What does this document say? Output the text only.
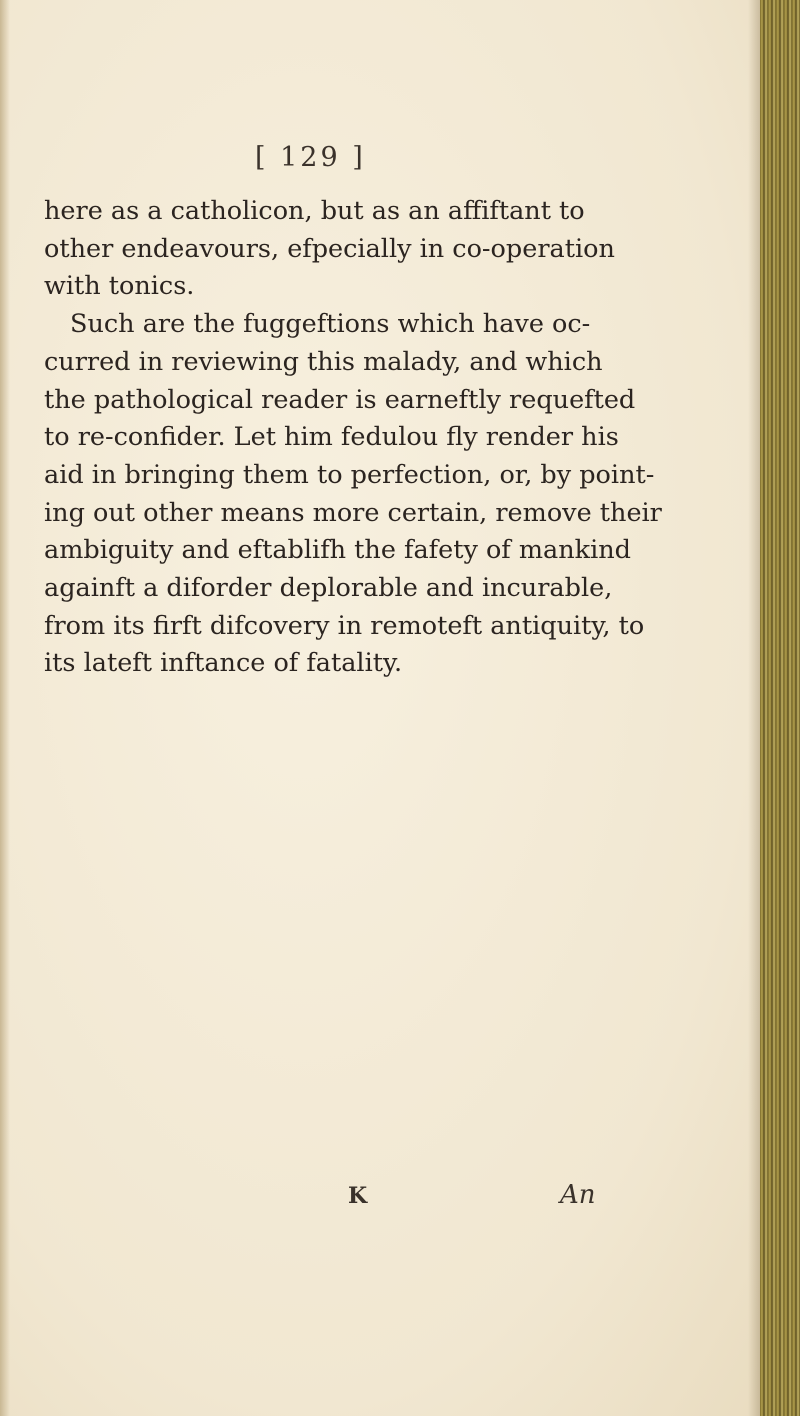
[ 129 ]
here as a catholicon, but as an affiftant to
other endeavours, efpecially in co-operation
with tonics.
Such are the fuggeftions which have oc-
curred in reviewing this malady, and which
the pathological reader is earneftly requefted
to re-confider. Let him fedulou fly render his
aid in bringing them to perfection, or, by point-
ing out other means more certain, remove their
ambiguity and eftablifh the fafety of mankind
againft a diforder deplorable and incurable,
from its firft difcovery in remoteft antiquity, to
its lateft inftance of fatality.
K	An
